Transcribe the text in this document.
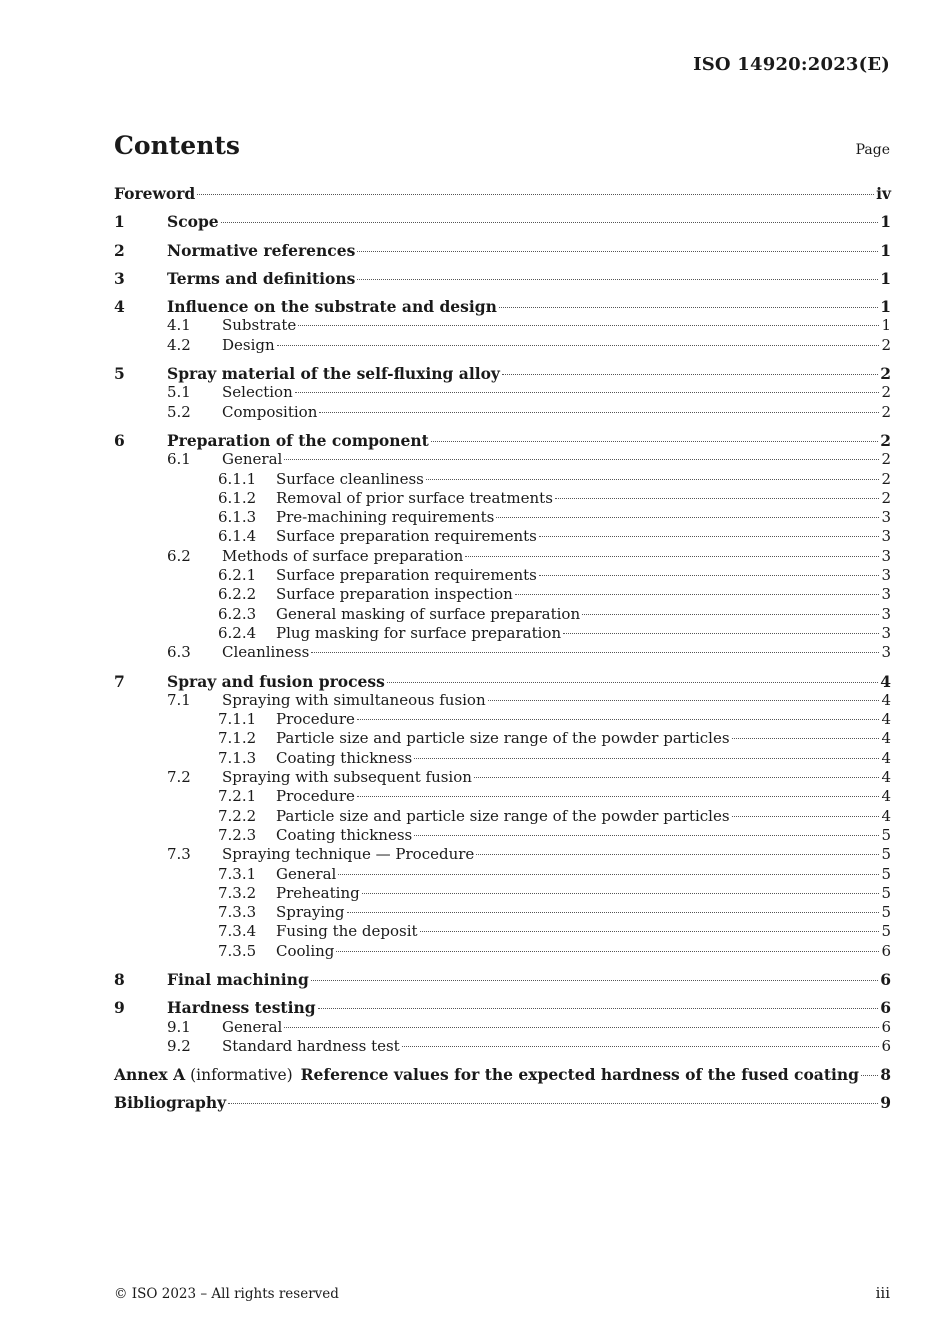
ISO 14920:2023(E)
Contents	Page
Foreword	iv
1	Scope	1
2	Normative references	1
3	Terms and definitions	1
4	Influence on the substrate and design	1
4.1	Substrate	1
4.2	Design	2
5	Spray material of the self-fluxing alloy	2
5.1	Selection	2
5.2	Composition	2
6	Preparation of the component	2
6.1	General	2
6.1.1	Surface cleanliness	2
6.1.2	Removal of prior surface treatments	2
6.1.3	Pre-machining requirements	3
6.1.4	Surface preparation requirements	3
6.2	Methods of surface preparation	3
6.2.1	Surface preparation requirements	3
6.2.2	Surface preparation inspection	3
6.2.3	General masking of surface preparation	3
6.2.4	Plug masking for surface preparation	3
6.3	Cleanliness	3
7	Spray and fusion process	4
7.1	Spraying with simultaneous fusion	4
7.1.1	Procedure	4
7.1.2	Particle size and particle size range of the powder particles	4
7.1.3	Coating thickness	4
7.2	Spraying with subsequent fusion	4
7.2.1	Procedure	4
7.2.2	Particle size and particle size range of the powder particles	4
7.2.3	Coating thickness	5
7.3	Spraying technique — Procedure	5
7.3.1	General	5
7.3.2	Preheating	5
7.3.3	Spraying	5
7.3.4	Fusing the deposit	5
7.3.5	Cooling	6
8	Final machining	6
9	Hardness testing	6
9.1	General	6
9.2	Standard hardness test	6
Annex A (informative) Reference values for the expected hardness of the fused coating 8
Bibliography	9
© ISO 2023 – All rights reserved	iii
